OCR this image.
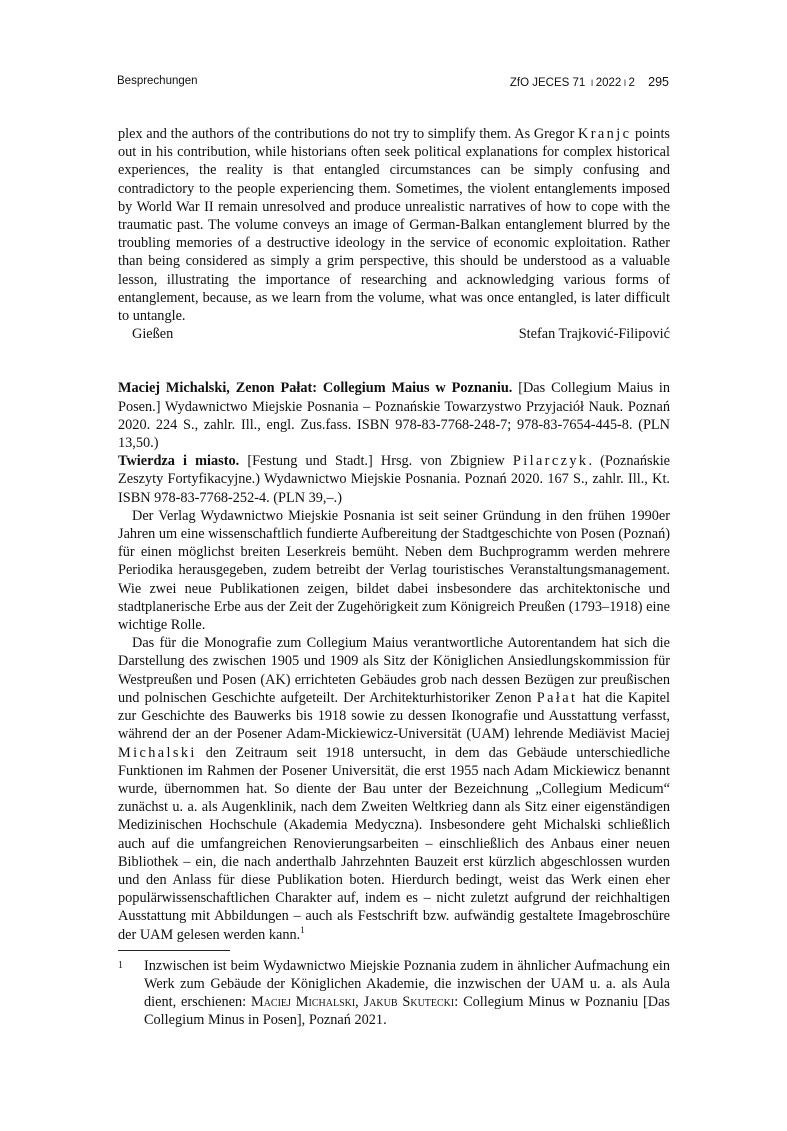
Besprechungen	ZfO JECES 71 ı 2022 ı 2 295

plex and the authors of the contributions do not try to simplify them. As Gregor Kranjc points out in his contribution, while historians often seek political explanations for complex historical experiences, the reality is that entangled circumstances can be simply confusing and contradictory to the people experiencing them. Sometimes, the violent entanglements imposed by World War II remain unresolved and produce unrealistic narratives of how to cope with the traumatic past. The volume conveys an image of German-Balkan entanglement blurred by the troubling memories of a destructive ideology in the service of economic exploitation. Rather than being considered as simply a grim perspective, this should be understood as a valuable lesson, illustrating the importance of researching and acknowledging various forms of entanglement, because, as we learn from the volume, what was once entangled, is later difficult to untangle.

Gießen	Stefan Trajković-Filipović

Maciej Michalski, Zenon Pałat: Collegium Maius w Poznaniu. [Das Collegium Maius in Posen.] Wydawnictwo Miejskie Posnania – Poznańskie Towarzystwo Przyjaciół Nauk. Poznań 2020. 224 S., zahlr. Ill., engl. Zus.fass. ISBN 978-83-7768-248-7; 978-83-7654-445-8. (PLN 13,50.)

Twierdza i miasto. [Festung und Stadt.] Hrsg. von Zbigniew Pilarczyk. (Poznańskie Zeszyty Fortyfikacyjne.) Wydawnictwo Miejskie Posnania. Poznań 2020. 167 S., zahlr. Ill., Kt. ISBN 978-83-7768-252-4. (PLN 39,–.)

Der Verlag Wydawnictwo Miejskie Posnania ist seit seiner Gründung in den frühen 1990er Jahren um eine wissenschaftlich fundierte Aufbereitung der Stadtgeschichte von Posen (Poznań) für einen möglichst breiten Leserkreis bemüht. Neben dem Buchprogramm werden mehrere Periodika herausgegeben, zudem betreibt der Verlag touristisches Veranstaltungsmanagement. Wie zwei neue Publikationen zeigen, bildet dabei insbesondere das architektonische und stadtplanerische Erbe aus der Zeit der Zugehörigkeit zum Königreich Preußen (1793–1918) eine wichtige Rolle.

Das für die Monografie zum Collegium Maius verantwortliche Autorentandem hat sich die Darstellung des zwischen 1905 und 1909 als Sitz der Königlichen Ansiedlungskommission für Westpreußen und Posen (AK) errichteten Gebäudes grob nach dessen Bezügen zur preußischen und polnischen Geschichte aufgeteilt. Der Architekturhistoriker Zenon Pałat hat die Kapitel zur Geschichte des Bauwerks bis 1918 sowie zu dessen Ikonografie und Ausstattung verfasst, während der an der Posener Adam-Mickiewicz-Universität (UAM) lehrende Mediävist Maciej Michalski den Zeitraum seit 1918 untersucht, in dem das Gebäude unterschiedliche Funktionen im Rahmen der Posener Universität, die erst 1955 nach Adam Mickiewicz benannt wurde, übernommen hat. So diente der Bau unter der Bezeichnung „Collegium Medicum“ zunächst u. a. als Augenklinik, nach dem Zweiten Weltkrieg dann als Sitz einer eigenständigen Medizinischen Hochschule (Akademia Medyczna). Insbesondere geht Michalski schließlich auch auf die umfangreichen Renovierungsarbeiten – einschließlich des Anbaus einer neuen Bibliothek – ein, die nach anderthalb Jahrzehnten Bauzeit erst kürzlich abgeschlossen wurden und den Anlass für diese Publikation boten. Hierdurch bedingt, weist das Werk einen eher populärwissenschaftlichen Charakter auf, indem es – nicht zuletzt aufgrund der reichhaltigen Ausstattung mit Abbildungen – auch als Festschrift bzw. aufwändig gestaltete Imagebroschüre der UAM gelesen werden kann.$^1$

1	Inzwischen ist beim Wydawnictwo Miejskie Poznania zudem in ähnlicher Aufmachung ein Werk zum Gebäude der Königlichen Akademie, die inzwischen der UAM u. a. als Aula dient, erschienen: Maciej Michalski, Jakub Skutecki: Collegium Minus w Poznaniu [Das Collegium Minus in Posen], Poznań 2021.
